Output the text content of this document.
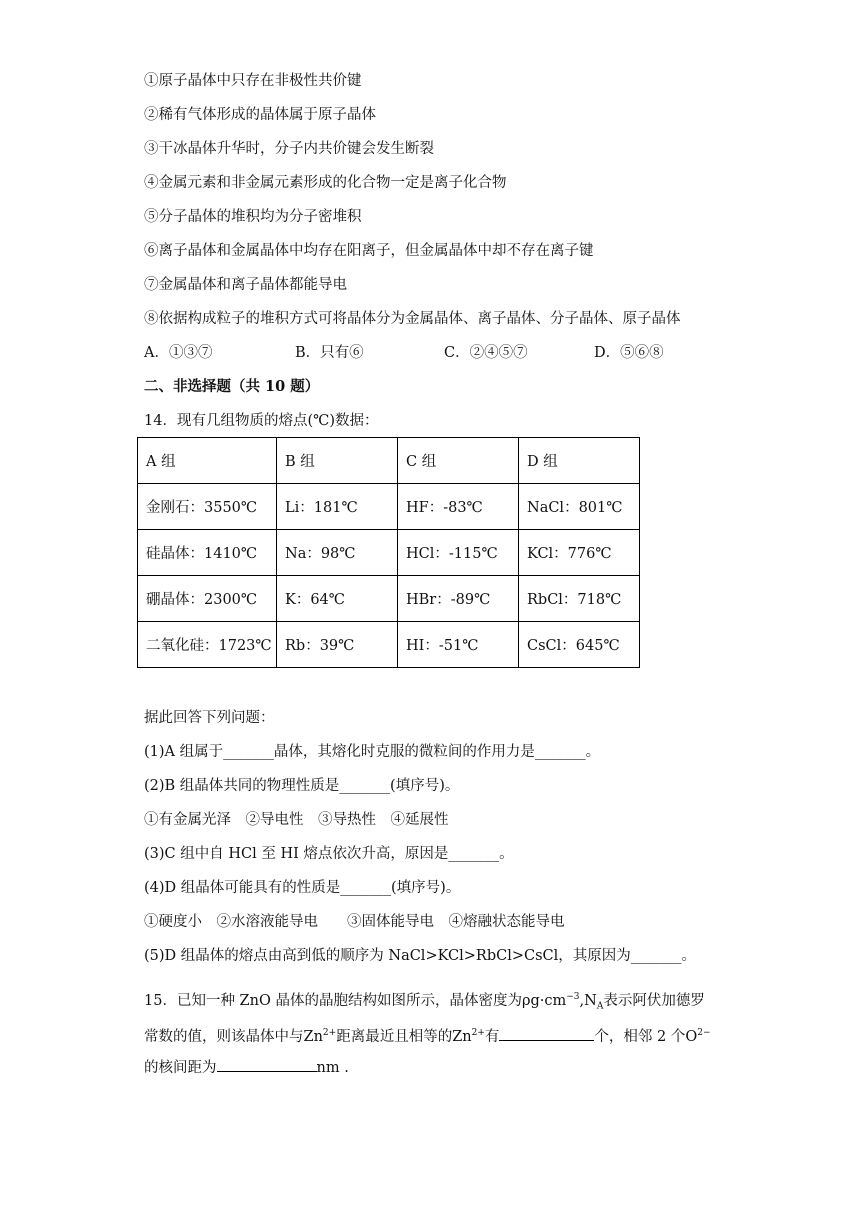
①原子晶体中只存在非极性共价键
②稀有气体形成的晶体属于原子晶体
③干冰晶体升华时，分子内共价键会发生断裂
④金属元素和非金属元素形成的化合物一定是离子化合物
⑤分子晶体的堆积均为分子密堆积
⑥离子晶体和金属晶体中均存在阳离子，但金属晶体中却不存在离子键
⑦金属晶体和离子晶体都能导电
⑧依据构成粒子的堆积方式可将晶体分为金属晶体、离子晶体、分子晶体、原子晶体
A．①③⑦	B．只有⑥	C．②④⑤⑦	D．⑤⑥⑧
二、非选择题（共 10 题）
14．现有几组物质的熔点(℃)数据：
A 组	B 组	C 组	D 组
金刚石：3550℃	Li：181℃	HF：-83℃	NaCl：801℃
硅晶体：1410℃	Na：98℃	HCl：-115℃	KCl：776℃
硼晶体：2300℃	K：64℃	HBr：-89℃	RbCl：718℃
二氧化硅：1723℃	Rb：39℃	HI：-51℃	CsCl：645℃
据此回答下列问题：
(1)A 组属于_______晶体，其熔化时克服的微粒间的作用力是_______。
(2)B 组晶体共同的物理性质是_______(填序号)。
①有金属光泽　②导电性　③导热性　④延展性
(3)C 组中自 HCl 至 HI 熔点依次升高，原因是_______。
(4)D 组晶体可能具有的性质是_______(填序号)。
①硬度小　②水溶液能导电　　③固体能导电　④熔融状态能导电
(5)D 组晶体的熔点由高到低的顺序为 NaCl>KCl>RbCl>CsCl，其原因为_______。
15．已知一种 ZnO 晶体的晶胞结构如图所示，晶体密度为$\rho g\cdot cm^{-3},N_A$表示阿伏加德罗
常数的值，则该晶体中与$Zn^{2+}$距离最近且相等的$Zn^{2+}$有	个，相邻 2 个$O^{2-}$
的核间距为	nm .
